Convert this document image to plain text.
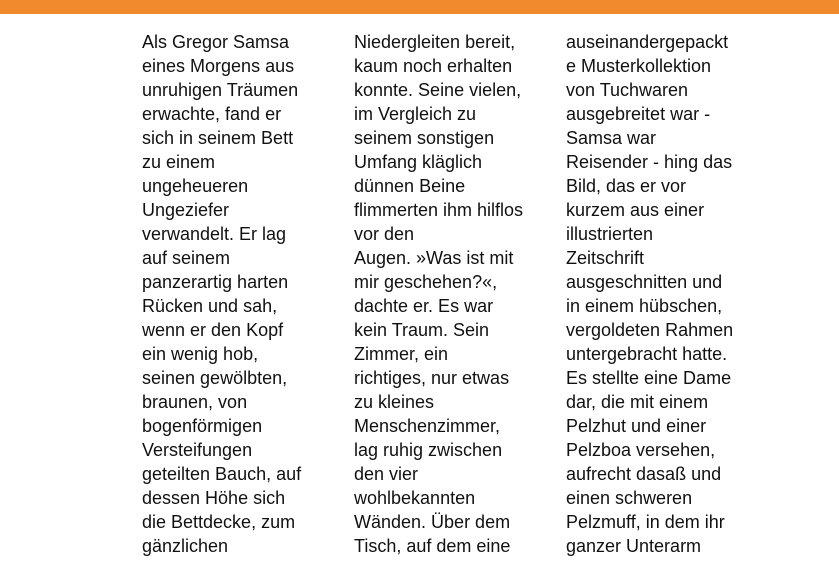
Als Gregor Samsa
eines Morgens aus
unruhigen Träumen
erwachte, fand er
sich in seinem Bett
zu einem
ungeheueren
Ungeziefer
verwandelt. Er lag
auf seinem
panzerartig harten
Rücken und sah,
wenn er den Kopf
ein wenig hob,
seinen gewölbten,
braunen, von
bogenförmigen
Versteifungen
geteilten Bauch, auf
dessen Höhe sich
die Bettdecke, zum
gänzlichen
Niedergleiten bereit,
kaum noch erhalten
konnte. Seine vielen,
im Vergleich zu
seinem sonstigen
Umfang kläglich
dünnen Beine
flimmerten ihm hilflos
vor den
Augen. »Was ist mit
mir geschehen?«,
dachte er. Es war
kein Traum. Sein
Zimmer, ein
richtiges, nur etwas
zu kleines
Menschenzimmer,
lag ruhig zwischen
den vier
wohlbekannten
Wänden. Über dem
Tisch, auf dem eine
auseinandergepackt
e Musterkollektion
von Tuchwaren
ausgebreitet war -
Samsa war
Reisender - hing das
Bild, das er vor
kurzem aus einer
illustrierten
Zeitschrift
ausgeschnitten und
in einem hübschen,
vergoldeten Rahmen
untergebracht hatte.
Es stellte eine Dame
dar, die mit einem
Pelzhut und einer
Pelzboa versehen,
aufrecht dasaß und
einen schweren
Pelzmuff, in dem ihr
ganzer Unterarm
